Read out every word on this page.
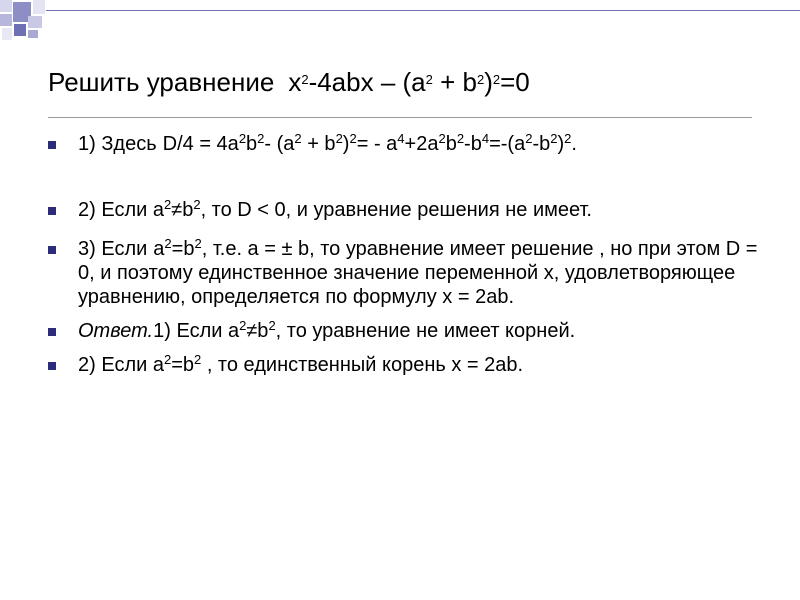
Решить уравнение $x^2-4abx - (a^2 + b^2)^2=0$
1) Здесь $D/4 = 4a^2b^2-$ $(a^2 + b^2)^2= - a^4+2a^2b^2-b^4=-(a^2-b^2)^2$.
2) Если $a^2\ne b^2$, то D < 0, и уравнение решения не имеет.
3) Если $a^2=b^2$, т.е. a = ± b, то уравнение имеет решение , но при этом D = 0, и поэтому единственное значение переменной x, удовлетворяющее уравнению, определяется по формулу x = 2ab.
Ответ.1) Если $a^2\ne b^2$, то уравнение не имеет корней.
2) Если $a^2=b^2$ , то единственный корень x = 2ab.
